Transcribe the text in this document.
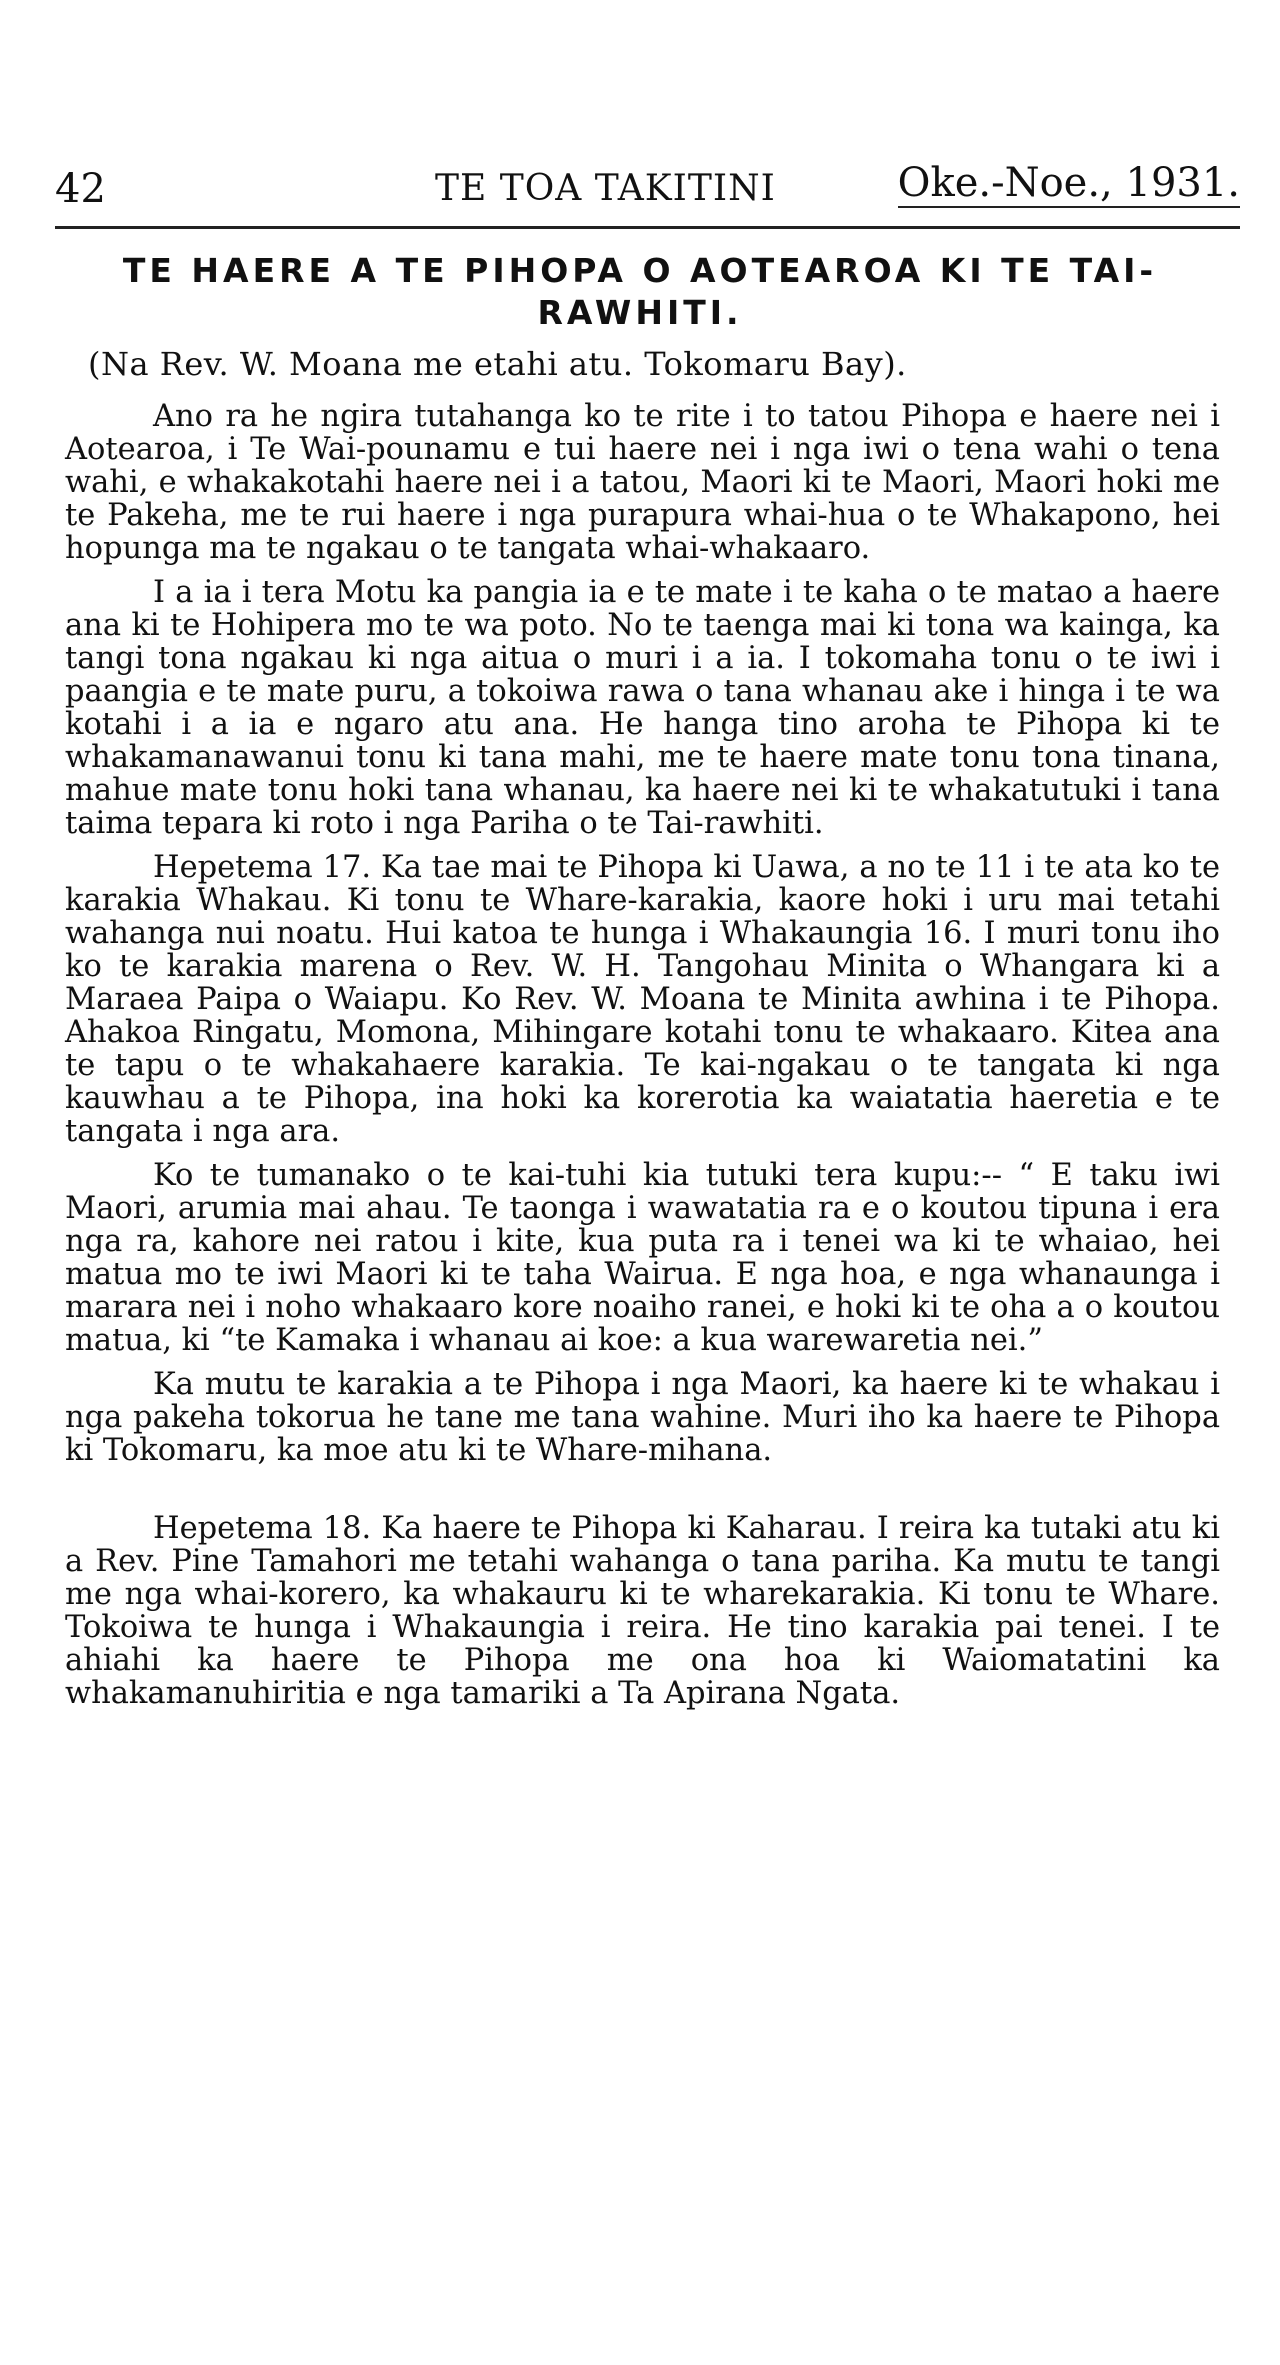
42	TE TOA TAKITINI	Oke.-Noe., 1931.
TE HAERE A TE PIHOPA O AOTEAROA KI TE TAI-RAWHITI.
(Na Rev. W. Moana me etahi atu. Tokomaru Bay).

Ano ra he ngira tutahanga ko te rite i to tatou Pihopa e haere nei i Aotearoa, i Te Wai-pounamu e tui haere nei i nga iwi o tena wahi o tena wahi, e whakakotahi haere nei i a tatou, Maori ki te Maori, Maori hoki me te Pakeha, me te rui haere i nga purapura whai-hua o te Whakapono, hei hopunga ma te ngakau o te tangata whai-whakaaro.

I a ia i tera Motu ka pangia ia e te mate i te kaha o te matao a haere ana ki te Hohipera mo te wa poto. No te taenga mai ki tona wa kainga, ka tangi tona ngakau ki nga aitua o muri i a ia. I tokomaha tonu o te iwi i paangia e te mate puru, a tokoiwa rawa o tana whanau ake i hinga i te wa kotahi i a ia e ngaro atu ana. He hanga tino aroha te Pihopa ki te whakamanawanui tonu ki tana mahi, me te haere mate tonu tona tinana, mahue mate tonu hoki tana whanau, ka haere nei ki te whakatutuki i tana taima tepara ki roto i nga Pariha o te Tai-rawhiti.

Hepetema 17. Ka tae mai te Pihopa ki Uawa, a no te 11 i te ata ko te karakia Whakau. Ki tonu te Whare-karakia, kaore hoki i uru mai tetahi wahanga nui noatu. Hui katoa te hunga i Whakaungia 16. I muri tonu iho ko te karakia marena o Rev. W. H. Tangohau Minita o Whangara ki a Maraea Paipa o Waiapu. Ko Rev. W. Moana te Minita awhina i te Pihopa. Ahakoa Ringatu, Momona, Mihingare kotahi tonu te whakaaro. Kitea ana te tapu o te whakahaere karakia. Te kai-ngakau o te tangata ki nga kauwhau a te Pihopa, ina hoki ka korerotia ka waiatatia haeretia e te tangata i nga ara.

Ko te tumanako o te kai-tuhi kia tutuki tera kupu:-- “ E taku iwi Maori, arumia mai ahau. Te taonga i wawatatia ra e o koutou tipuna i era nga ra, kahore nei ratou i kite, kua puta ra i tenei wa ki te whaiao, hei matua mo te iwi Maori ki te taha Wairua. E nga hoa, e nga whanaunga i marara nei i noho whakaaro kore noaiho ranei, e hoki ki te oha a o koutou matua, ki “te Kamaka i whanau ai koe: a kua warewaretia nei.”

Ka mutu te karakia a te Pihopa i nga Maori, ka haere ki te whakau i nga pakeha tokorua he tane me tana wahine. Muri iho ka haere te Pihopa ki Tokomaru, ka moe atu ki te Whare-mihana.

Hepetema 18. Ka haere te Pihopa ki Kaharau. I reira ka tutaki atu ki a Rev. Pine Tamahori me tetahi wahanga o tana pariha. Ka mutu te tangi me nga whai-korero, ka whakauru ki te wharekarakia. Ki tonu te Whare. Tokoiwa te hunga i Whakaungia i reira. He tino karakia pai tenei. I te ahiahi ka haere te Pihopa me ona hoa ki Waiomatatini ka whakamanuhiritia e nga tamariki a Ta Apirana Ngata.
